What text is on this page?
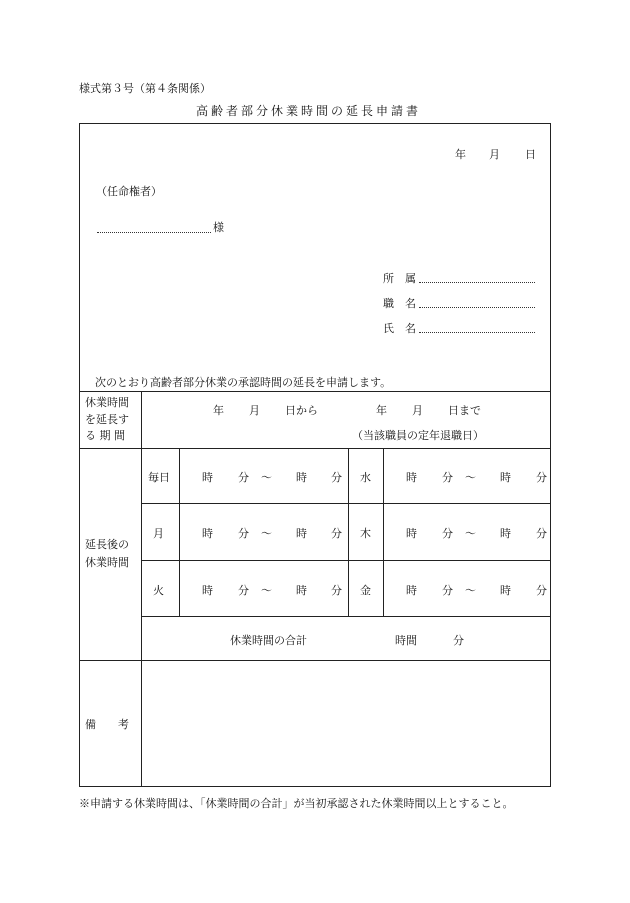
様式第３号（第４条関係）
高齢者部分休業時間の延長申請書
年 月 日
（任命権者）
様
所　属
職　名
氏　名
次のとおり高齢者部分休業の承認時間の延長を申請します。
休業時間
を延長す
る 期 間
年 月 日から	年 月 日まで
（当該職員の定年退職日）
延長後の
休業時間
毎日	時 分 ～ 時 分 水	時 分 ～ 時 分
月	時 分 ～ 時 分 木	時 分 ～ 時 分
火	時 分 ～ 時 分 金	時 分 ～ 時 分
休業時間の合計	時間	分
備　　考
※申請する休業時間は、「休業時間の合計」が当初承認された休業時間以上とすること。
